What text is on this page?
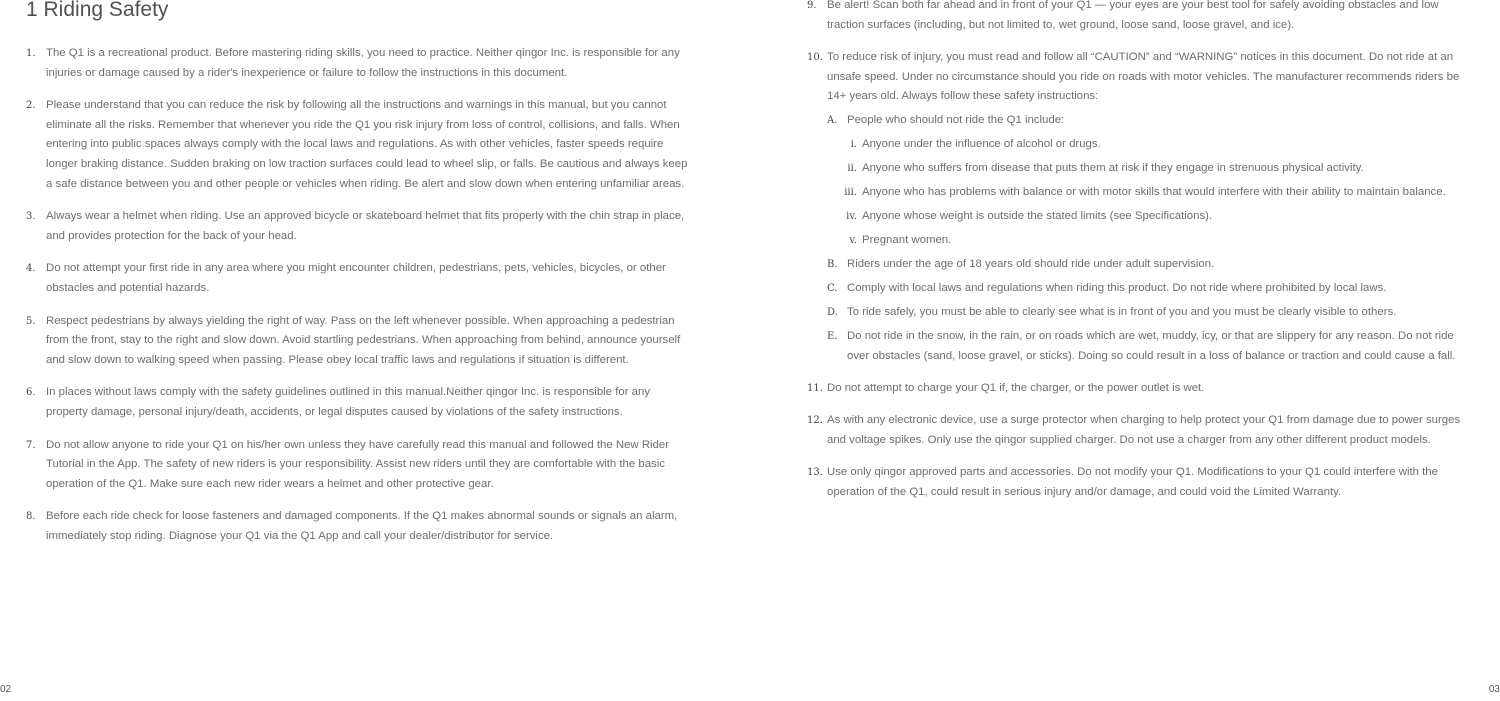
1 Riding Safety
1. The Q1 is a recreational product. Before mastering riding skills, you need to practice. Neither qingor Inc. is responsible for any injuries or damage caused by a rider's inexperience or failure to follow the instructions in this document.
2. Please understand that you can reduce the risk by following all the instructions and warnings in this manual, but you cannot eliminate all the risks. Remember that whenever you ride the Q1 you risk injury from loss of control, collisions, and falls. When entering into public spaces always comply with the local laws and regulations. As with other vehicles, faster speeds require longer braking distance. Sudden braking on low traction surfaces could lead to wheel slip, or falls. Be cautious and always keep a safe distance between you and other people or vehicles when riding. Be alert and slow down when entering unfamiliar areas.
3. Always wear a helmet when riding. Use an approved bicycle or skateboard helmet that fits properly with the chin strap in place, and provides protection for the back of your head.
4. Do not attempt your first ride in any area where you might encounter children, pedestrians, pets, vehicles, bicycles, or other obstacles and potential hazards.
5. Respect pedestrians by always yielding the right of way. Pass on the left whenever possible. When approaching a pedestrian from the front, stay to the right and slow down. Avoid startling pedestrians. When approaching from behind, announce yourself and slow down to walking speed when passing. Please obey local traffic laws and regulations if situation is different.
6. In places without laws comply with the safety guidelines outlined in this manual.Neither qingor Inc. is responsible for any property damage, personal injury/death, accidents, or legal disputes caused by violations of the safety instructions.
7. Do not allow anyone to ride your Q1 on his/her own unless they have carefully read this manual and followed the New Rider Tutorial in the App. The safety of new riders is your responsibility. Assist new riders until they are comfortable with the basic operation of the Q1. Make sure each new rider wears a helmet and other protective gear.
8. Before each ride check for loose fasteners and damaged components. If the Q1 makes abnormal sounds or signals an alarm, immediately stop riding. Diagnose your Q1 via the Q1 App and call your dealer/distributor for service.
02
9. Be alert! Scan both far ahead and in front of your Q1 — your eyes are your best tool for safely avoiding obstacles and low traction surfaces (including, but not limited to, wet ground, loose sand, loose gravel, and ice).
10. To reduce risk of injury, you must read and follow all “CAUTION” and “WARNING” notices in this document. Do not ride at an unsafe speed. Under no circumstance should you ride on roads with motor vehicles. The manufacturer recommends riders be 14+ years old. Always follow these safety instructions:
A. People who should not ride the Q1 include:
i. Anyone under the influence of alcohol or drugs.
ii. Anyone who suffers from disease that puts them at risk if they engage in strenuous physical activity.
iii. Anyone who has problems with balance or with motor skills that would interfere with their ability to maintain balance.
iv. Anyone whose weight is outside the stated limits (see Specifications).
v. Pregnant women.
B. Riders under the age of 18 years old should ride under adult supervision.
C. Comply with local laws and regulations when riding this product. Do not ride where prohibited by local laws.
D. To ride safely, you must be able to clearly see what is in front of you and you must be clearly visible to others.
E. Do not ride in the snow, in the rain, or on roads which are wet, muddy, icy, or that are slippery for any reason. Do not ride over obstacles (sand, loose gravel, or sticks). Doing so could result in a loss of balance or traction and could cause a fall.
11. Do not attempt to charge your Q1 if, the charger, or the power outlet is wet.
12. As with any electronic device, use a surge protector when charging to help protect your Q1 from damage due to power surges and voltage spikes. Only use the qingor supplied charger. Do not use a charger from any other different product models.
13. Use only qingor approved parts and accessories. Do not modify your Q1. Modifications to your Q1 could interfere with the operation of the Q1, could result in serious injury and/or damage, and could void the Limited Warranty.
03
